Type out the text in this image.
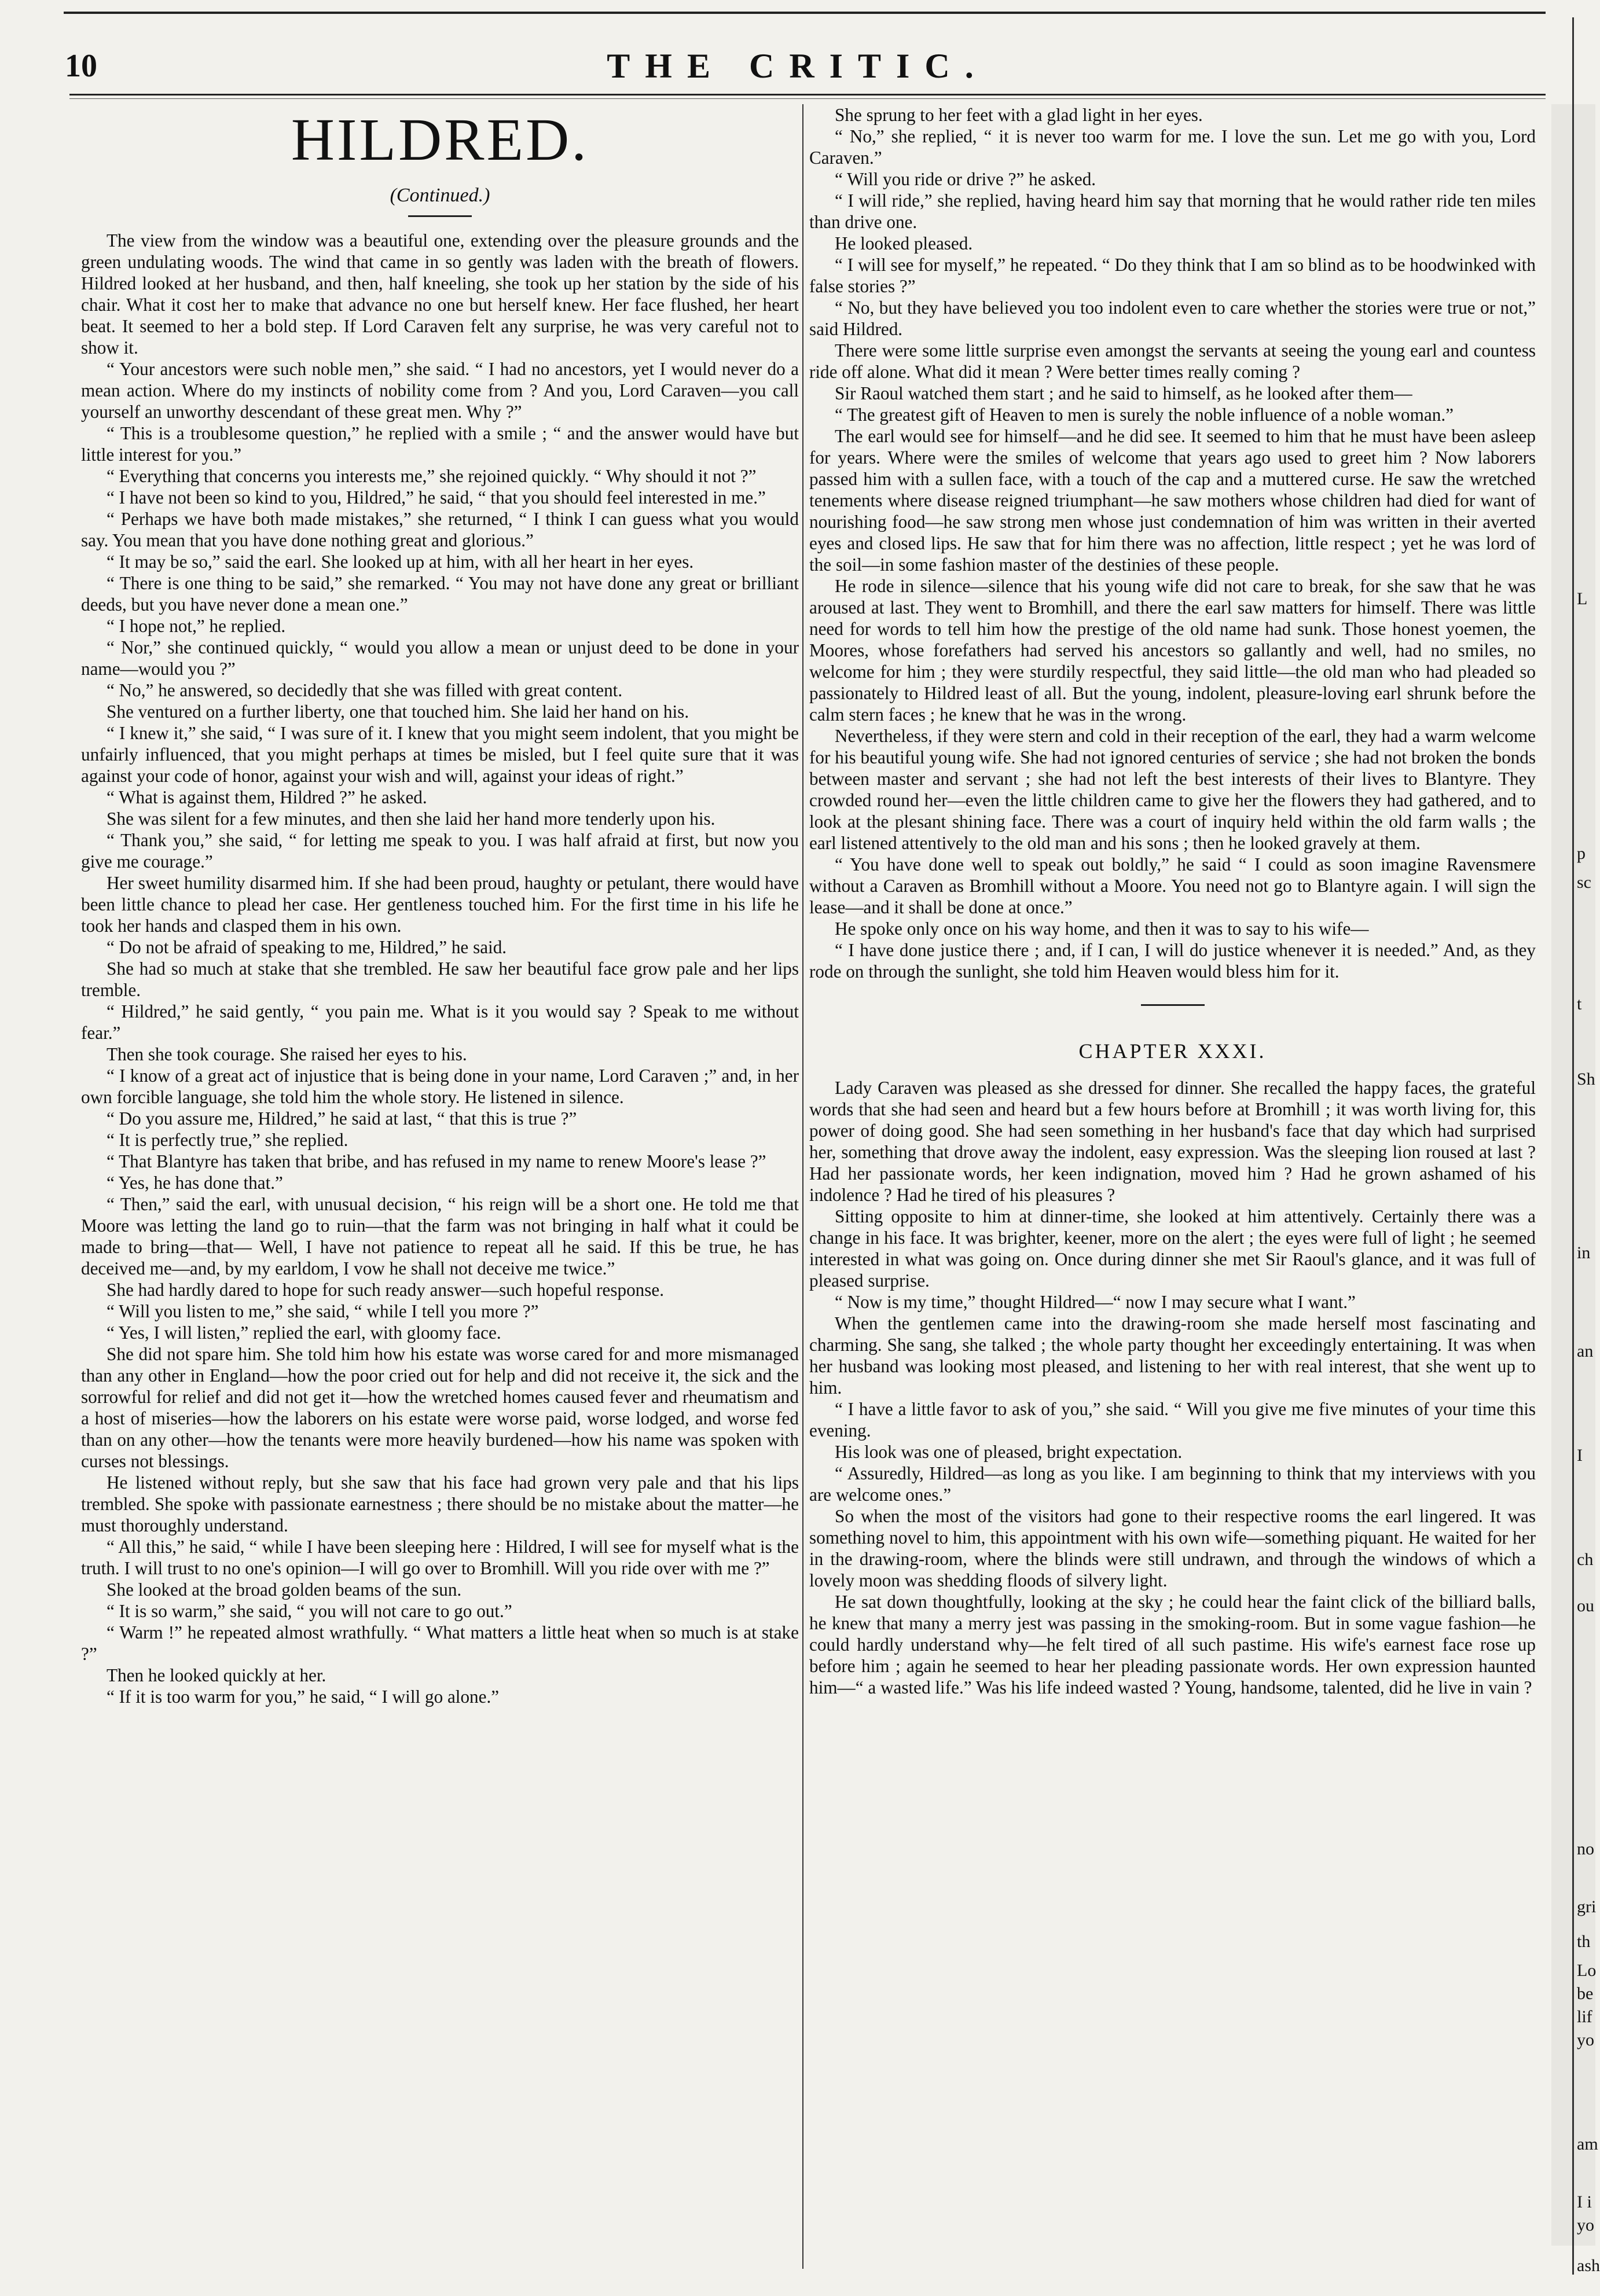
10	THE CRITIC.
HILDRED.
(Continued.)

The view from the window was a beautiful one, extending over the pleasure grounds and the green undulating woods. The wind that came in so gently was laden with the breath of flowers. Hildred looked at her husband, and then, half kneeling, she took up her station by the side of his chair. What it cost her to make that advance no one but herself knew. Her face flushed, her heart beat. It seemed to her a bold step. If Lord Caraven felt any surprise, he was very careful not to show it.

“ Your ancestors were such noble men,” she said. “ I had no ancestors, yet I would never do a mean action. Where do my instincts of nobility come from ? And you, Lord Caraven—you call yourself an unworthy descendant of these great men. Why ?”

“ This is a troublesome question,” he replied with a smile ; “ and the answer would have but little interest for you.”

“ Everything that concerns you interests me,” she rejoined quickly. “ Why should it not ?”

“ I have not been so kind to you, Hildred,” he said, “ that you should feel interested in me.”

“ Perhaps we have both made mistakes,” she returned, “ I think I can guess what you would say. You mean that you have done nothing great and glorious.”

“ It may be so,” said the earl. She looked up at him, with all her heart in her eyes.

“ There is one thing to be said,” she remarked. “ You may not have done any great or brilliant deeds, but you have never done a mean one.”

“ I hope not,” he replied.

“ Nor,” she continued quickly, “ would you allow a mean or unjust deed to be done in your name—would you ?”

“ No,” he answered, so decidedly that she was filled with great content.

She ventured on a further liberty, one that touched him. She laid her hand on his.

“ I knew it,” she said, “ I was sure of it. I knew that you might seem indolent, that you might be unfairly influenced, that you might perhaps at times be misled, but I feel quite sure that it was against your code of honor, against your wish and will, against your ideas of right.”

“ What is against them, Hildred ?” he asked.

She was silent for a few minutes, and then she laid her hand more tenderly upon his.

“ Thank you,” she said, “ for letting me speak to you. I was half afraid at first, but now you give me courage.”

Her sweet humility disarmed him. If she had been proud, haughty or petulant, there would have been little chance to plead her case. Her gentleness touched him. For the first time in his life he took her hands and clasped them in his own.

“ Do not be afraid of speaking to me, Hildred,” he said.

She had so much at stake that she trembled. He saw her beautiful face grow pale and her lips tremble.

“ Hildred,” he said gently, “ you pain me. What is it you would say ? Speak to me without fear.”

Then she took courage. She raised her eyes to his.

“ I know of a great act of injustice that is being done in your name, Lord Caraven ;” and, in her own forcible language, she told him the whole story. He listened in silence.

“ Do you assure me, Hildred,” he said at last, “ that this is true ?”

“ It is perfectly true,” she replied.

“ That Blantyre has taken that bribe, and has refused in my name to renew Moore's lease ?”

“ Yes, he has done that.”

“ Then,” said the earl, with unusual decision, “ his reign will be a short one. He told me that Moore was letting the land go to ruin—that the farm was not bringing in half what it could be made to bring—that— Well, I have not patience to repeat all he said. If this be true, he has deceived me—and, by my earldom, I vow he shall not deceive me twice.”

She had hardly dared to hope for such ready answer—such hopeful response.

“ Will you listen to me,” she said, “ while I tell you more ?”

“ Yes, I will listen,” replied the earl, with gloomy face.

She did not spare him. She told him how his estate was worse cared for and more mismanaged than any other in England—how the poor cried out for help and did not receive it, the sick and the sorrowful for relief and did not get it—how the wretched homes caused fever and rheumatism and a host of miseries—how the laborers on his estate were worse paid, worse lodged, and worse fed than on any other—how the tenants were more heavily burdened—how his name was spoken with curses not blessings.

He listened without reply, but she saw that his face had grown very pale and that his lips trembled. She spoke with passionate earnestness ; there should be no mistake about the matter—he must thoroughly understand.

“ All this,” he said, “ while I have been sleeping here : Hildred, I will see for myself what is the truth. I will trust to no one's opinion—I will go over to Bromhill. Will you ride over with me ?”

She looked at the broad golden beams of the sun.

“ It is so warm,” she said, “ you will not care to go out.”

“ Warm !” he repeated almost wrathfully. “ What matters a little heat when so much is at stake ?”

Then he looked quickly at her.

“ If it is too warm for you,” he said, “ I will go alone.”

She sprung to her feet with a glad light in her eyes.

“ No,” she replied, “ it is never too warm for me. I love the sun. Let me go with you, Lord Caraven.”

“ Will you ride or drive ?” he asked.

“ I will ride,” she replied, having heard him say that morning that he would rather ride ten miles than drive one.

He looked pleased.

“ I will see for myself,” he repeated. “ Do they think that I am so blind as to be hoodwinked with false stories ?”

“ No, but they have believed you too indolent even to care whether the stories were true or not,” said Hildred.

There were some little surprise even amongst the servants at seeing the young earl and countess ride off alone. What did it mean ? Were better times really coming ?

Sir Raoul watched them start ; and he said to himself, as he looked after them—

“ The greatest gift of Heaven to men is surely the noble influence of a noble woman.”

The earl would see for himself—and he did see. It seemed to him that he must have been asleep for years. Where were the smiles of welcome that years ago used to greet him ? Now laborers passed him with a sullen face, with a touch of the cap and a muttered curse. He saw the wretched tenements where disease reigned triumphant—he saw mothers whose children had died for want of nourishing food—he saw strong men whose just condemnation of him was written in their averted eyes and closed lips. He saw that for him there was no affection, little respect ; yet he was lord of the soil—in some fashion master of the destinies of these people.

He rode in silence—silence that his young wife did not care to break, for she saw that he was aroused at last. They went to Bromhill, and there the earl saw matters for himself. There was little need for words to tell him how the prestige of the old name had sunk. Those honest yoemen, the Moores, whose forefathers had served his ancestors so gallantly and well, had no smiles, no welcome for him ; they were sturdily respectful, they said little—the old man who had pleaded so passionately to Hildred least of all. But the young, indolent, pleasure-loving earl shrunk before the calm stern faces ; he knew that he was in the wrong.

Nevertheless, if they were stern and cold in their reception of the earl, they had a warm welcome for his beautiful young wife. She had not ignored centuries of service ; she had not broken the bonds between master and servant ; she had not left the best interests of their lives to Blantyre. They crowded round her—even the little children came to give her the flowers they had gathered, and to look at the plesant shining face. There was a court of inquiry held within the old farm walls ; the earl listened attentively to the old man and his sons ; then he looked gravely at them.

“ You have done well to speak out boldly,” he said “ I could as soon imagine Ravensmere without a Caraven as Bromhill without a Moore. You need not go to Blantyre again. I will sign the lease—and it shall be done at once.”

He spoke only once on his way home, and then it was to say to his wife—

“ I have done justice there ; and, if I can, I will do justice whenever it is needed.” And, as they rode on through the sunlight, she told him Heaven would bless him for it.

CHAPTER XXXI.

Lady Caraven was pleased as she dressed for dinner. She recalled the happy faces, the grateful words that she had seen and heard but a few hours before at Bromhill ; it was worth living for, this power of doing good. She had seen something in her husband's face that day which had surprised her, something that drove away the indolent, easy expression. Was the sleeping lion roused at last ? Had her passionate words, her keen indignation, moved him ? Had he grown ashamed of his indolence ? Had he tired of his pleasures ?

Sitting opposite to him at dinner-time, she looked at him attentively. Certainly there was a change in his face. It was brighter, keener, more on the alert ; the eyes were full of light ; he seemed interested in what was going on. Once during dinner she met Sir Raoul's glance, and it was full of pleased surprise.

“ Now is my time,” thought Hildred—“ now I may secure what I want.”

When the gentlemen came into the drawing-room she made herself most fascinating and charming. She sang, she talked ; the whole party thought her exceedingly entertaining. It was when her husband was looking most pleased, and listening to her with real interest, that she went up to him.

“ I have a little favor to ask of you,” she said. “ Will you give me five minutes of your time this evening.

His look was one of pleased, bright expectation.

“ Assuredly, Hildred—as long as you like. I am beginning to think that my interviews with you are welcome ones.”

So when the most of the visitors had gone to their respective rooms the earl lingered. It was something novel to him, this appointment with his own wife—something piquant. He waited for her in the drawing-room, where the blinds were still undrawn, and through the windows of which a lovely moon was shedding floods of silvery light.

He sat down thoughtfully, looking at the sky ; he could hear the faint click of the billiard balls, he knew that many a merry jest was passing in the smoking-room. But in some vague fashion—he could hardly understand why—he felt tired of all such pastime. His wife's earnest face rose up before him ; again he seemed to hear her pleading passionate words. Her own expression haunted him—“ a wasted life.” Was his life indeed wasted ? Young, handsome, talented, did he live in vain ?

L
p
sc
t
Sh
in
an
I
ch
ou
no
gri
th
Lo
be
lif
yo
am
I i
yo
ash
